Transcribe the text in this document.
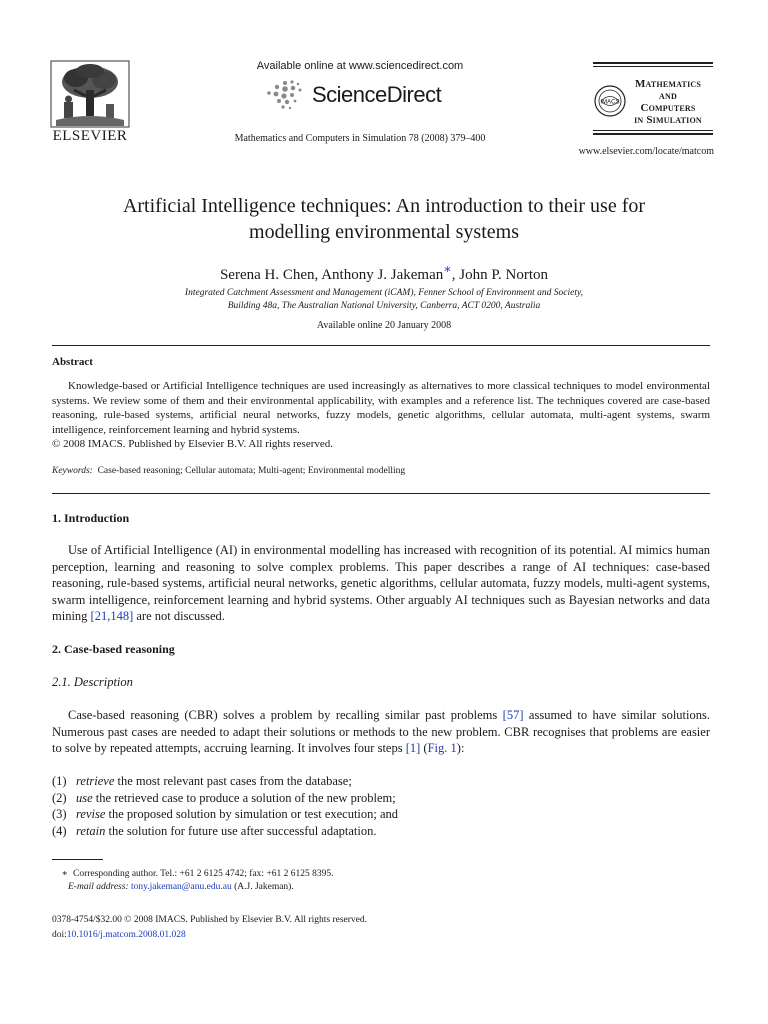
ELSEVIER
Available online at www.sciencedirect.com
ScienceDirect
Mathematics and Computers in Simulation 78 (2008) 379–400
IMACS
Mathematics
and
Computers
in Simulation
www.elsevier.com/locate/matcom
Artificial Intelligence techniques: An introduction to their use for modelling environmental systems
Serena H. Chen, Anthony J. Jakeman∗, John P. Norton
Integrated Catchment Assessment and Management (iCAM), Fenner School of Environment and Society,
Building 48a, The Australian National University, Canberra, ACT 0200, Australia
Available online 20 January 2008
Abstract

Knowledge-based or Artificial Intelligence techniques are used increasingly as alternatives to more classical techniques to model environmental systems. We review some of them and their environmental applicability, with examples and a reference list. The techniques covered are case-based reasoning, rule-based systems, artificial neural networks, fuzzy models, genetic algorithms, cellular automata, multi-agent systems, swarm intelligence, reinforcement learning and hybrid systems.

© 2008 IMACS. Published by Elsevier B.V. All rights reserved.

Keywords: Case-based reasoning; Cellular automata; Multi-agent; Environmental modelling
1. Introduction
Use of Artificial Intelligence (AI) in environmental modelling has increased with recognition of its potential. AI mimics human perception, learning and reasoning to solve complex problems. This paper describes a range of AI techniques: case-based reasoning, rule-based systems, artificial neural networks, genetic algorithms, cellular automata, fuzzy models, multi-agent systems, swarm intelligence, reinforcement learning and hybrid systems. Other arguably AI techniques such as Bayesian networks and data mining [21,148] are not discussed.
2. Case-based reasoning
2.1. Description
Case-based reasoning (CBR) solves a problem by recalling similar past problems [57] assumed to have similar solutions. Numerous past cases are needed to adapt their solutions or methods to the new problem. CBR recognises that problems are easier to solve by repeated attempts, accruing learning. It involves four steps [1] (Fig. 1):
(1) retrieve the most relevant past cases from the database;
(2) use the retrieved case to produce a solution of the new problem;
(3) revise the proposed solution by simulation or test execution; and
(4) retain the solution for future use after successful adaptation.
∗ Corresponding author. Tel.: +61 2 6125 4742; fax: +61 2 6125 8395.
E-mail address: tony.jakeman@anu.edu.au (A.J. Jakeman).
0378-4754/$32.00 © 2008 IMACS. Published by Elsevier B.V. All rights reserved.
doi:10.1016/j.matcom.2008.01.028
